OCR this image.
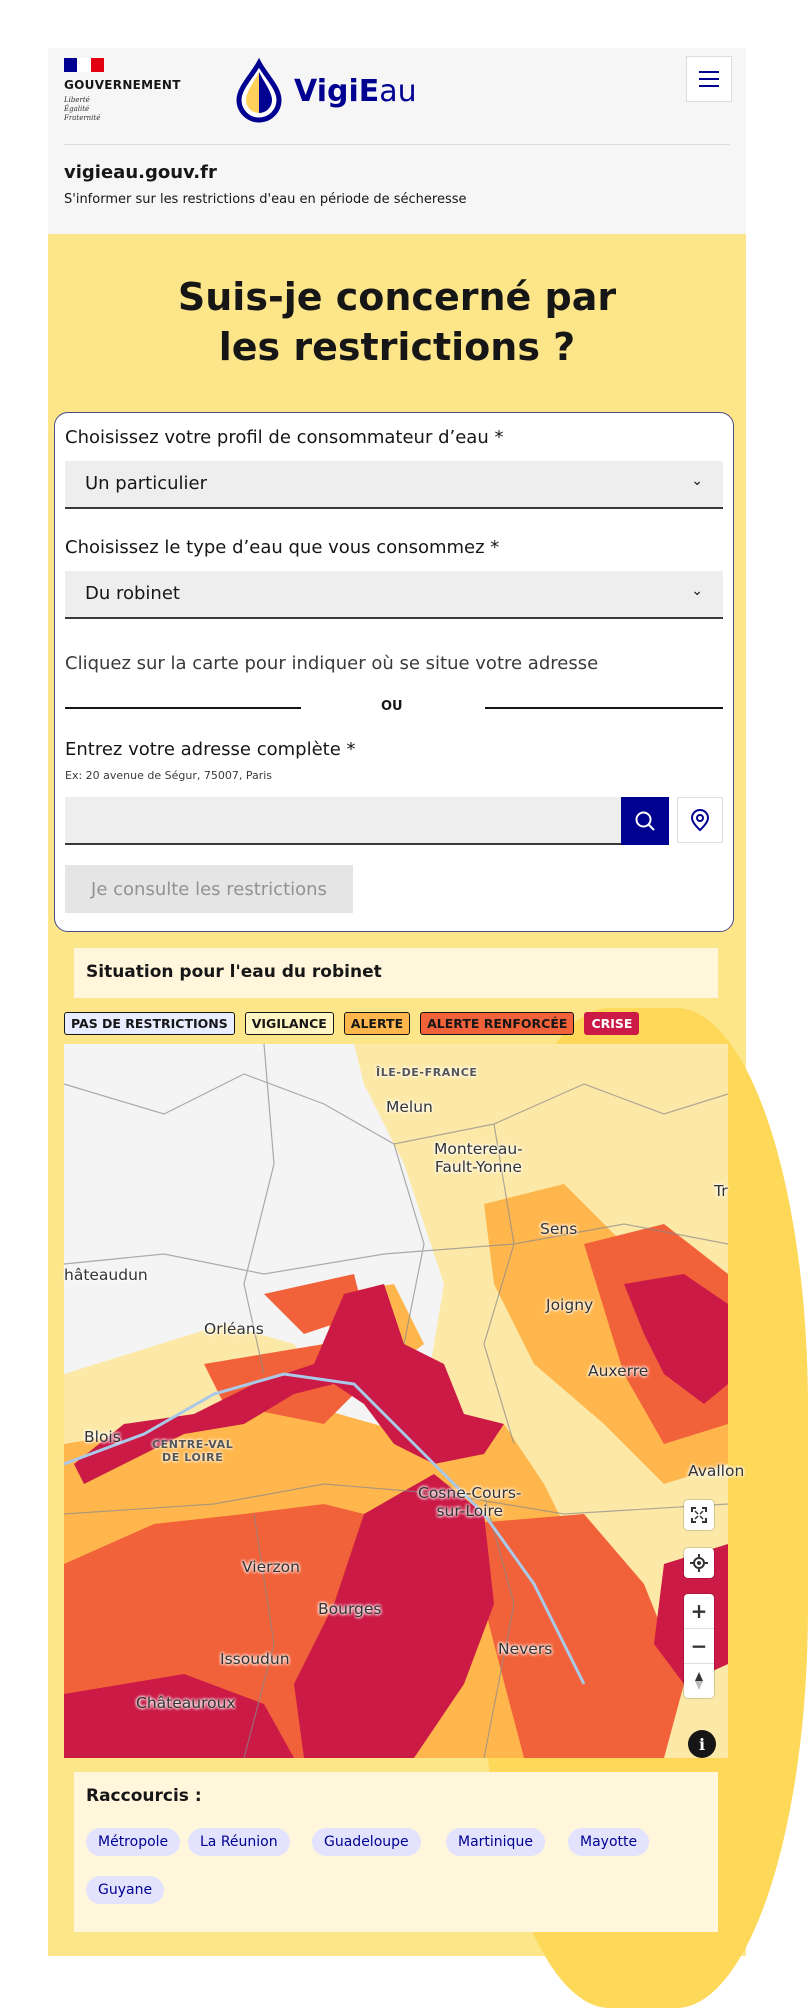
GOUVERNEMENT
Liberté
Égalité
Fraternité
VigiEau
vigieau.gouv.fr
S'informer sur les restrictions d'eau en période de sécheresse
Suis-je concerné par les restrictions ?
Choisissez votre profil de consommateur d’eau *
Un particulier	⌄
Choisissez le type d’eau que vous consommez *
Du robinet	⌄
Cliquez sur la carte pour indiquer où se situe votre adresse
OU
Entrez votre adresse complète *
Ex: 20 avenue de Ségur, 75007, Paris
Je consulte les restrictions
Situation pour l'eau du robinet
PAS DE RESTRICTIONS	VIGILANCE	ALERTE	ALERTE RENFORCÉE	CRISE
ÎLE-DE-FRANCE
CENTRE-VAL
DE LOIRE
Melun
Montereau-
Fault-Yonne
Sens
hâteaudun
Joigny
Orléans
Auxerre
Blois
Cosne-Cours-
sur-Loire
Avallon
Vierzon
Bourges
Nevers
Issoudun
Châteauroux
Tr
+
−
i
Raccourcis :
Métropole	La Réunion	Guadeloupe	Martinique	Mayotte
Guyane
